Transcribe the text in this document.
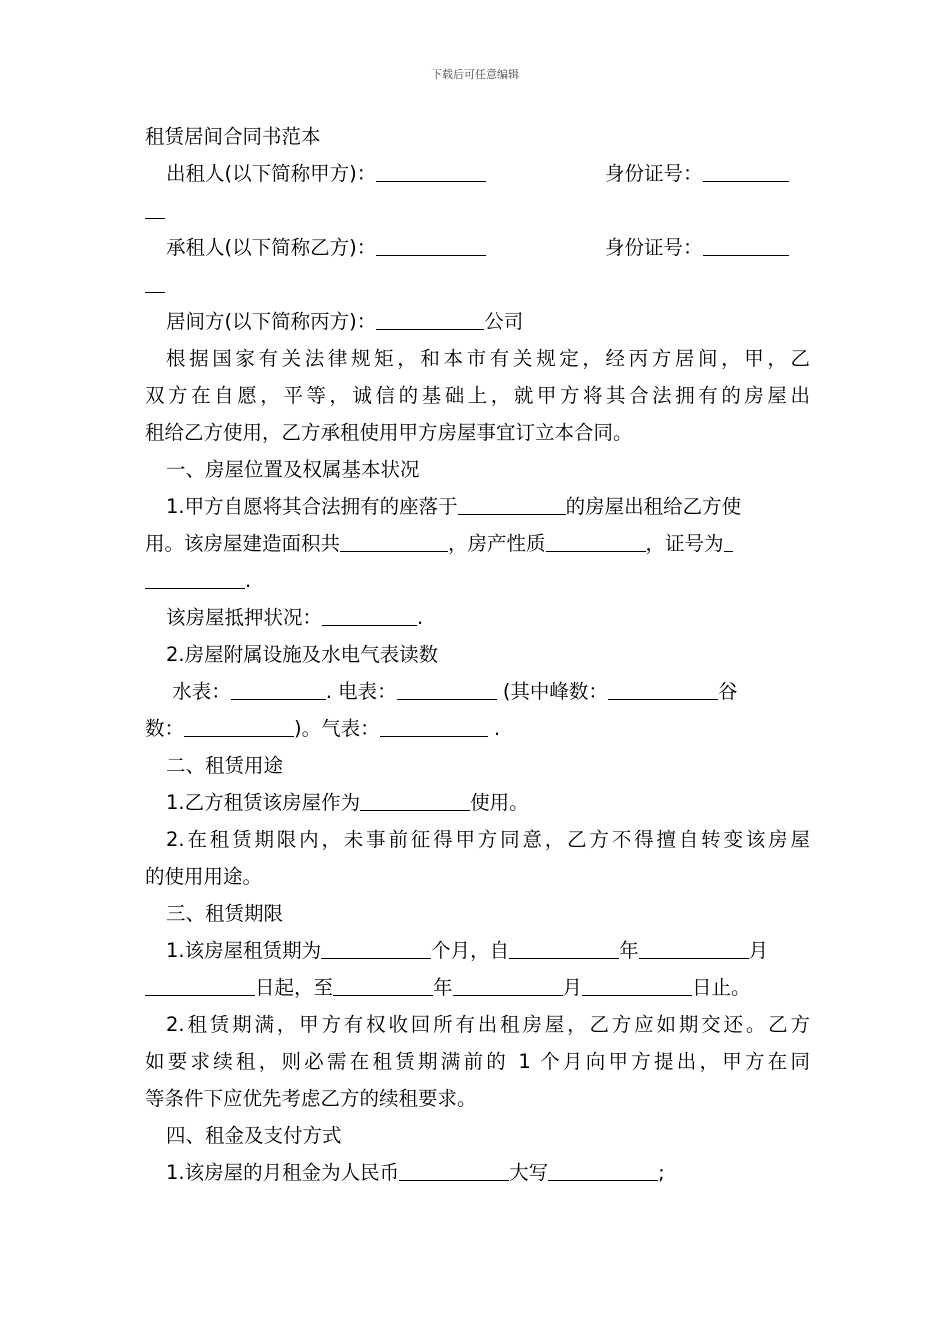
下载后可任意编辑
租赁居间合同书范本
出租人(以下简称甲方)：	身份证号：
承租人(以下简称乙方)：	身份证号：
居间方(以下简称丙方)：	公司
根据国家有关法律规矩，和本市有关规定，经丙方居间，甲，乙
双方在自愿，平等，诚信的基础上，就甲方将其合法拥有的房屋出
租给乙方使用，乙方承租使用甲方房屋事宜订立本合同。
一、房屋位置及权属基本状况
1.甲方自愿将其合法拥有的座落于	的房屋出租给乙方使
用。该房屋建造面积共	，房产性质	，证号为
.
该房屋抵押状况：	.
2.房屋附属设施及水电气表读数
水表：	. 电表：	(其中峰数：	谷
数：	)。气表：	.
二、租赁用途
1.乙方租赁该房屋作为	使用。
2.在租赁期限内，未事前征得甲方同意，乙方不得擅自转变该房屋
的使用用途。
三、租赁期限
1.该房屋租赁期为	个月，自	年	月
日起，至	年	月	日止。
2.租赁期满，甲方有权收回所有出租房屋，乙方应如期交还。乙方
如要求续租，则必需在租赁期满前的 1 个月向甲方提出，甲方在同
等条件下应优先考虑乙方的续租要求。
四、租金及支付方式
1.该房屋的月租金为人民币	大写	;
